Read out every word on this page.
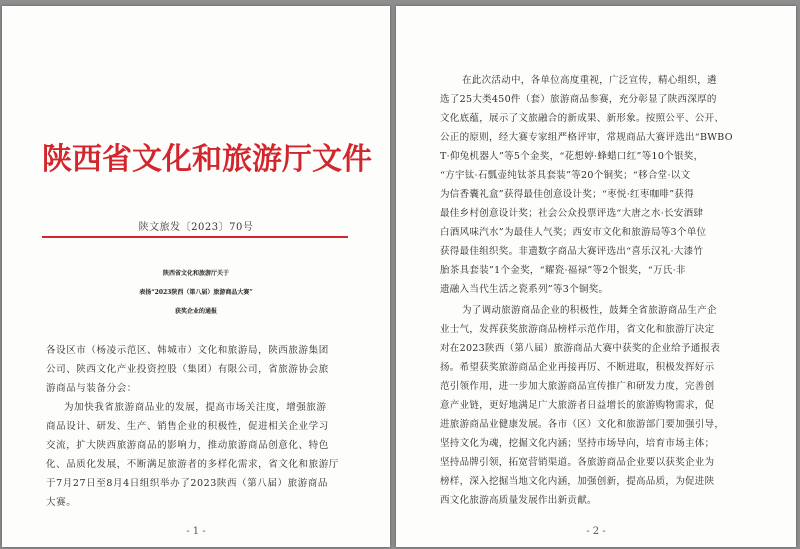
陕西省文化和旅游厅文件
陕文旅发〔2023〕70号
陕西省文化和旅游厅关于
表扬“2023陕西（第八届）旅游商品大赛”
获奖企业的通报
各设区市（杨凌示范区、韩城市）文化和旅游局，陕西旅游集团
公司、陕西文化产业投资控股（集团）有限公司，省旅游协会旅
游商品与装备分会：
为加快我省旅游商品业的发展，提高市场关注度，增强旅游
商品设计、研发、生产、销售企业的积极性，促进相关企业学习
交流，扩大陕西旅游商品的影响力，推动旅游商品创意化、特色
化、品质化发展，不断满足旅游者的多样化需求，省文化和旅游厅
于7月27日至8月4日组织举办了2023陕西（第八届）旅游商品
大赛。
- 1 -
在此次活动中，各单位高度重视，广泛宣传，精心组织，遴
选了25大类450件（套）旅游商品参赛，充分彰显了陕西深厚的
文化底蕴，展示了文旅融合的新成果、新形象。按照公平、公开、
公正的原则，经大赛专家组严格评审，常规商品大赛评选出“BWBO
T·仰兔机器人”等5个金奖，“花想婷·蜂蜡口红”等10个银奖，
“方宇钛·石瓢壶纯钛茶具套装”等20个铜奖；“移合堂·以文
为信香囊礼盒”获得最佳创意设计奖；“枣悦·红枣咖啡”获得
最佳乡村创意设计奖；社会公众投票评选“大唐之水·长安酒肆
白酒风味汽水”为最佳人气奖；西安市文化和旅游局等3个单位
获得最佳组织奖。非遗数字商品大赛评选出“喜乐汉礼·大漆竹
胎茶具套装”1个金奖，“耀瓷·福禄”等2个银奖，“万氏·非
遗融入当代生活之瓷系列”等3个铜奖。
为了调动旅游商品企业的积极性，鼓舞全省旅游商品生产企
业士气，发挥获奖旅游商品榜样示范作用，省文化和旅游厅决定
对在2023陕西（第八届）旅游商品大赛中获奖的企业给予通报表
扬。希望获奖旅游商品企业再接再厉、不断进取，积极发挥好示
范引领作用，进一步加大旅游商品宣传推广和研发力度，完善创
意产业链，更好地满足广大旅游者日益增长的旅游购物需求，促
进旅游商品业健康发展。各市（区）文化和旅游部门要加强引导，
坚持文化为魂，挖掘文化内涵；坚持市场导向，培育市场主体；
坚持品牌引领，拓宽营销渠道。各旅游商品企业要以获奖企业为
榜样，深入挖掘当地文化内涵，加强创新，提高品质，为促进陕
西文化旅游高质量发展作出新贡献。
- 2 -
